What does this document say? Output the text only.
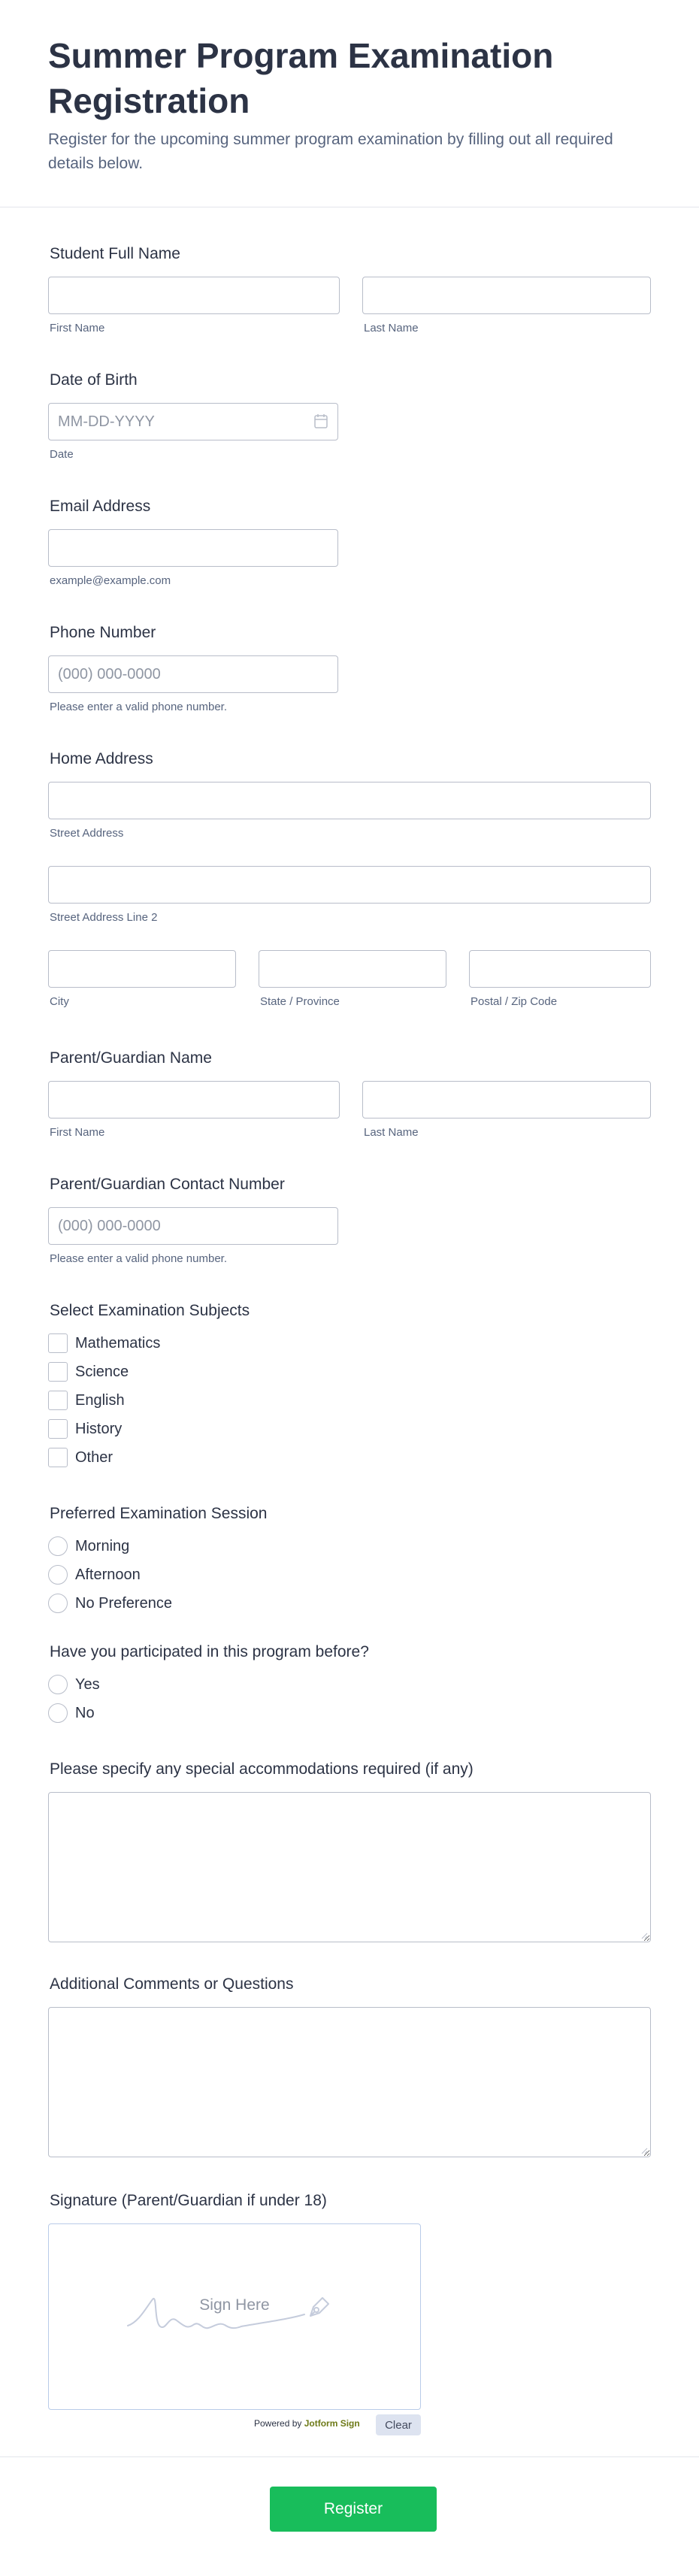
Summer Program Examination Registration
Register for the upcoming summer program examination by filling out all required details below.
Student Full Name
First Name	Last Name
Date of Birth
MM-DD-YYYY
Date
Email Address
example@example.com
Phone Number
(000) 000-0000
Please enter a valid phone number.
Home Address
Street Address
Street Address Line 2
City	State / Province	Postal / Zip Code
Parent/Guardian Name
First Name	Last Name
Parent/Guardian Contact Number
(000) 000-0000
Please enter a valid phone number.
Select Examination Subjects
Mathematics
Science
English
History
Other
Preferred Examination Session
Morning
Afternoon
No Preference
Have you participated in this program before?
Yes
No
Please specify any special accommodations required (if any)
Additional Comments or Questions
Signature (Parent/Guardian if under 18)
Sign Here
Powered by Jotform Sign	Clear
Register
